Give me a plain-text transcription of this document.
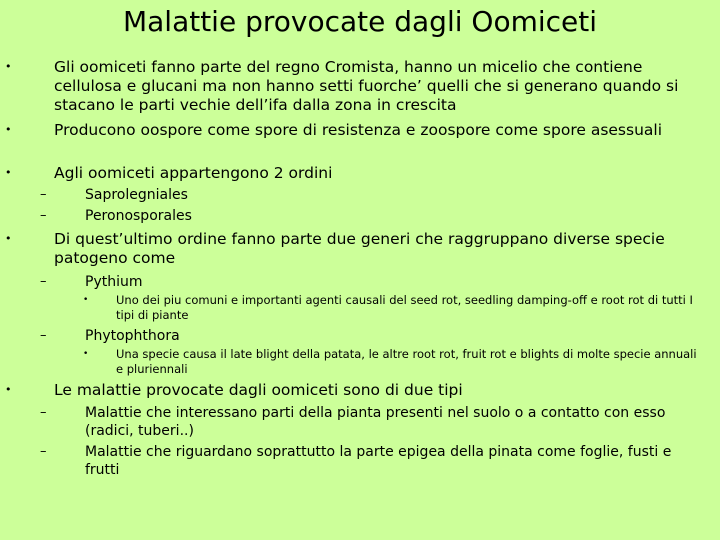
Malattie provocate dagli Oomiceti
•	Gli oomiceti fanno parte del regno Cromista, hanno un micelio che contiene cellulosa e glucani ma non hanno setti fuorche’ quelli che si generano quando si stacano le parti vechie dell’ifa dalla zona in crescita
•	Producono oospore come spore di resistenza e zoospore come spore asessuali
•	Agli oomiceti appartengono 2 ordini
–	Saprolegniales
–	Peronosporales
•	Di quest’ultimo ordine fanno parte due generi che raggruppano diverse specie patogeno come
–	Pythium
• Uno dei piu comuni e importanti agenti causali del seed rot, seedling damping-off e root rot di tutti I tipi di piante
–	Phytophthora
• Una specie causa il late blight della patata, le altre root rot, fruit rot e blights di molte specie annuali e pluriennali
•	Le malattie provocate dagli oomiceti sono di due tipi
–	Malattie che interessano parti della pianta presenti nel suolo o a contatto con esso (radici, tuberi..)
–	Malattie che riguardano soprattutto la parte epigea della pinata come foglie, fusti e frutti
